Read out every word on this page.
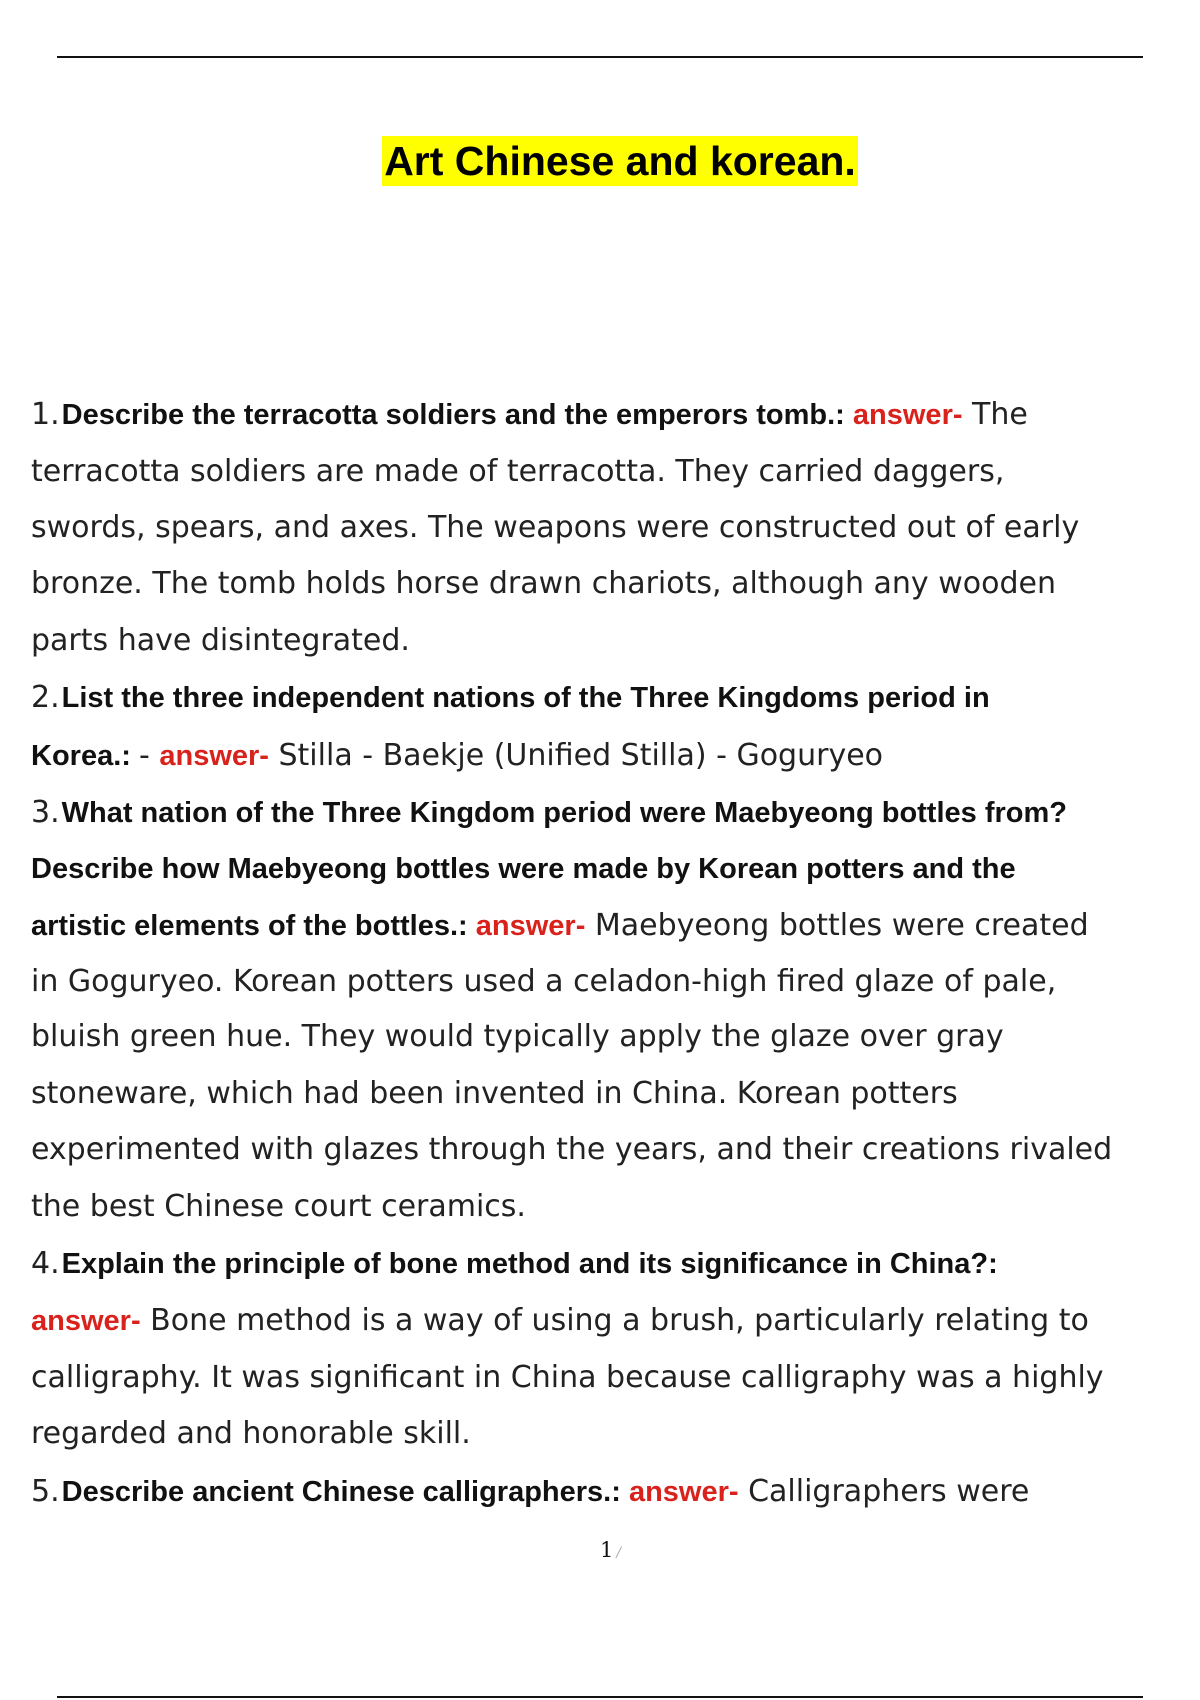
Art Chinese and korean.
1.Describe the terracotta soldiers and the emperors tomb.: answer- The
terracotta soldiers are made of terracotta. They carried daggers,
swords, spears, and axes. The weapons were constructed out of early
bronze. The tomb holds horse drawn chariots, although any wooden
parts have disintegrated.
2.List the three independent nations of the Three Kingdoms period in
Korea.: - answer- Stilla - Baekje (Unified Stilla) - Goguryeo
3.What nation of the Three Kingdom period were Maebyeong bottles from?
Describe how Maebyeong bottles were made by Korean potters and the
artistic elements of the bottles.: answer- Maebyeong bottles were created
in Goguryeo. Korean potters used a celadon-high fired glaze of pale,
bluish green hue. They would typically apply the glaze over gray
stoneware, which had been invented in China. Korean potters
experimented with glazes through the years, and their creations rivaled
the best Chinese court ceramics.
4.Explain the principle of bone method and its significance in China?:
answer- Bone method is a way of using a brush, particularly relating to
calligraphy. It was significant in China because calligraphy was a highly
regarded and honorable skill.
5.Describe ancient Chinese calligraphers.: answer- Calligraphers were
1 /
